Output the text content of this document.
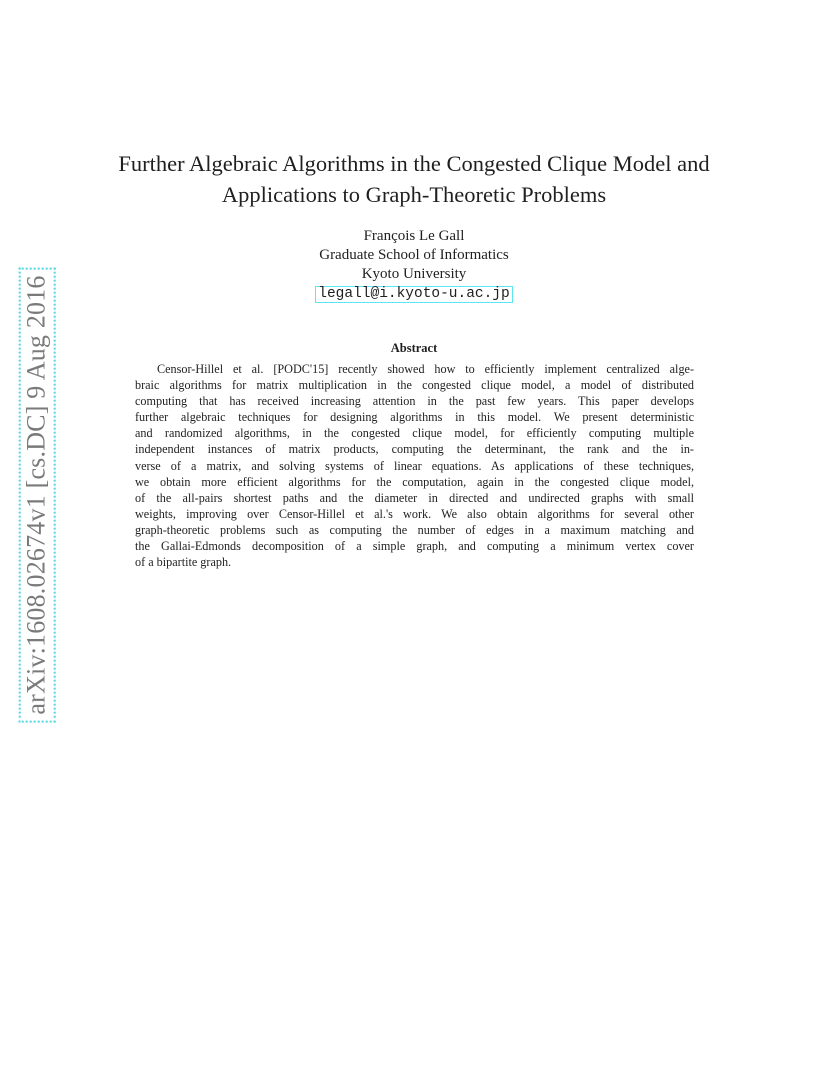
arXiv:1608.02674v1 [cs.DC] 9 Aug 2016
Further Algebraic Algorithms in the Congested Clique Model and
Applications to Graph-Theoretic Problems
François Le Gall
Graduate School of Informatics
Kyoto University
legall@i.kyoto-u.ac.jp
Abstract
Censor-Hillel et al. [PODC'15] recently showed how to efficiently implement centralized alge-
braic algorithms for matrix multiplication in the congested clique model, a model of distributed
computing that has received increasing attention in the past few years. This paper develops
further algebraic techniques for designing algorithms in this model. We present deterministic
and randomized algorithms, in the congested clique model, for efficiently computing multiple
independent instances of matrix products, computing the determinant, the rank and the in-
verse of a matrix, and solving systems of linear equations. As applications of these techniques,
we obtain more efficient algorithms for the computation, again in the congested clique model,
of the all-pairs shortest paths and the diameter in directed and undirected graphs with small
weights, improving over Censor-Hillel et al.'s work. We also obtain algorithms for several other
graph-theoretic problems such as computing the number of edges in a maximum matching and
the Gallai-Edmonds decomposition of a simple graph, and computing a minimum vertex cover
of a bipartite graph.
